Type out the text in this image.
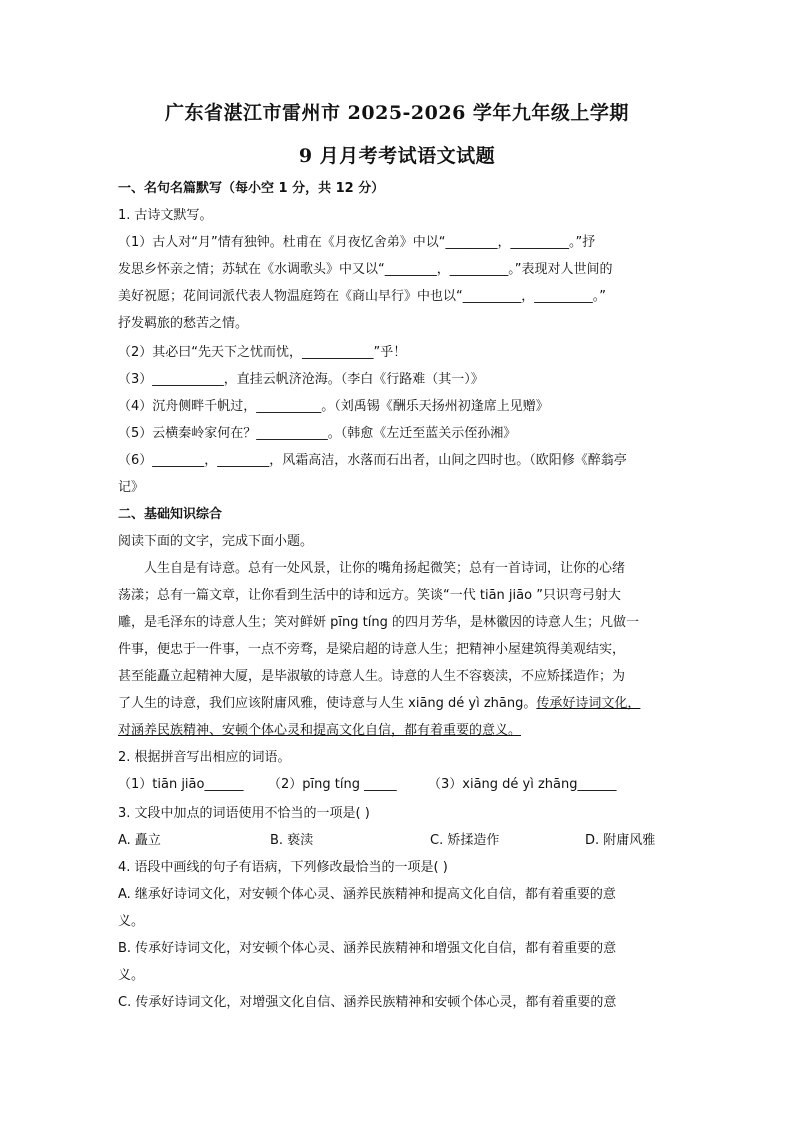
广东省湛江市雷州市 2025-2026 学年九年级上学期
9 月月考考试语文试题
一、名句名篇默写（每小空 1 分，共 12 分）
1. 古诗文默写。
（1）古人对“月”情有独钟。杜甫在《月夜忆舍弟》中以“________，_________。”抒
发思乡怀亲之情；苏轼在《水调歌头》中又以“________，_________。”表现对人世间的
美好祝愿；花间词派代表人物温庭筠在《商山早行》中也以“_________，_________。”
抒发羁旅的愁苦之情。
（2）其必曰“先天下之忧而忧，___________”乎！
（3）___________，直挂云帆济沧海。（李白《行路难（其一）》
（4）沉舟侧畔千帆过，__________。（刘禹锡《酬乐天扬州初逢席上见赠》
（5）云横秦岭家何在？___________。（韩愈《左迁至蓝关示侄孙湘》
（6）________，________，风霜高洁，水落而石出者，山间之四时也。（欧阳修《醉翁亭
记》
二、基础知识综合
阅读下面的文字，完成下面小题。
人生自是有诗意。总有一处风景，让你的嘴角扬起微笑；总有一首诗词，让你的心绪
荡漾；总有一篇文章，让你看到生活中的诗和远方。笑谈“一代 tiān jiāo ”只识弯弓射大
雕，是毛泽东的诗意人生；笑对鲜妍 pīng tíng 的四月芳华，是林徽因的诗意人生；凡做一
件事，便忠于一件事，一点不旁骛，是梁启超的诗意人生；把精神小屋建筑得美观结实，
甚至能矗立起精神大厦，是毕淑敏的诗意人生。诗意的人生不容亵渎，不应矫揉造作；为
了人生的诗意，我们应该附庸风雅，使诗意与人生 xiāng dé yì zhāng。传承好诗词文化，
对涵养民族精神、安顿个体心灵和提高文化自信，都有着重要的意义。
2. 根据拼音写出相应的词语。
（1）tiān jiāo______ （2）pīng tíng _____ （3）xiāng dé yì zhāng______
3. 文段中加点的词语使用不恰当的一项是( )
A. 矗立	B. 亵渎	C. 矫揉造作	D. 附庸风雅
4. 语段中画线的句子有语病，下列修改最恰当的一项是( )
A. 继承好诗词文化，对安顿个体心灵、涵养民族精神和提高文化自信，都有着重要的意
义。
B. 传承好诗词文化，对安顿个体心灵、涵养民族精神和增强文化自信，都有着重要的意
义。
C. 传承好诗词文化，对增强文化自信、涵养民族精神和安顿个体心灵，都有着重要的意
